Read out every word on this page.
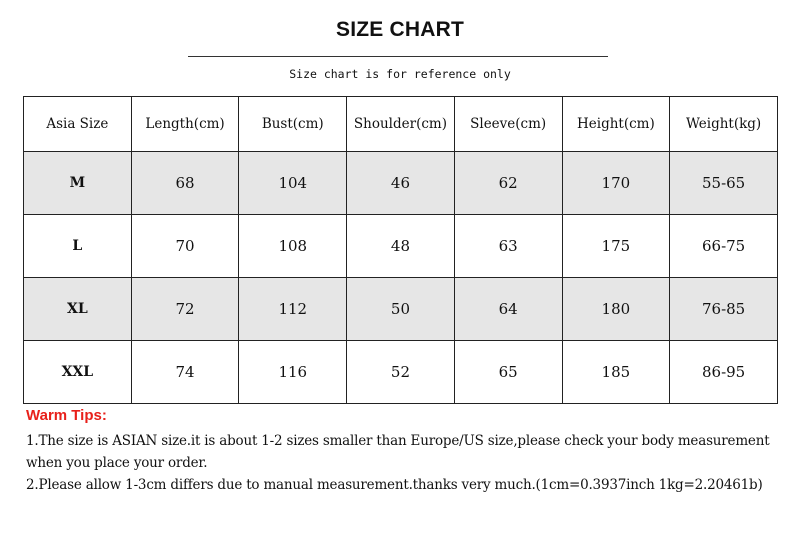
SIZE CHART
Size chart is for reference only
Asia Size	Length(cm)	Bust(cm)	Shoulder(cm)	Sleeve(cm)	Height(cm)	Weight(kg)
M	68	104	46	62	170	55-65
L	70	108	48	63	175	66-75
XL	72	112	50	64	180	76-85
XXL	74	116	52	65	185	86-95
Warm Tips:
1.The size is ASIAN size.it is about 1-2 sizes smaller than Europe/US size,please check your body measurement when you place your order.
2.Please allow 1-3cm differs due to manual measurement.thanks very much.(1cm=0.3937inch 1kg=2.20461b)
